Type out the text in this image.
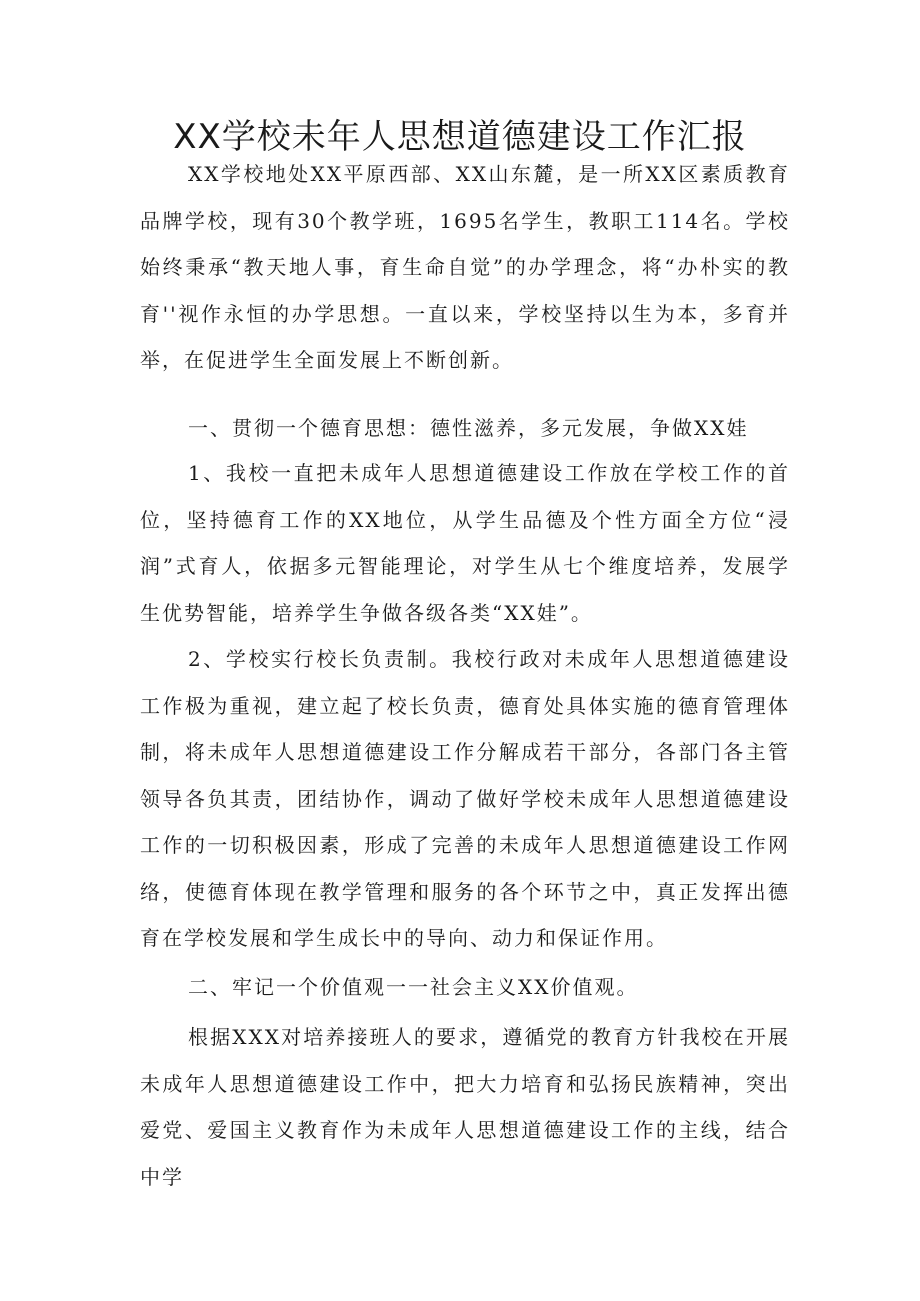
XX学校未年人思想道德建设工作汇报

XX学校地处XX平原西部、XX山东麓，是一所XX区素质教育品牌学校，现有30个教学班，1695名学生，教职工114名。学校始终秉承“教天地人事，育生命自觉”的办学理念，将“办朴实的教育''视作永恒的办学思想。一直以来，学校坚持以生为本，多育并举，在促进学生全面发展上不断创新。

一、贯彻一个德育思想：德性滋养，多元发展，争做XX娃

1、我校一直把未成年人思想道德建设工作放在学校工作的首位，坚持德育工作的XX地位，从学生品德及个性方面全方位“浸润”式育人，依据多元智能理论，对学生从七个维度培养，发展学生优势智能，培养学生争做各级各类“XX娃”。

2、学校实行校长负责制。我校行政对未成年人思想道德建设工作极为重视，建立起了校长负责，德育处具体实施的德育管理体制，将未成年人思想道德建设工作分解成若干部分，各部门各主管领导各负其责，团结协作，调动了做好学校未成年人思想道德建设工作的一切积极因素，形成了完善的未成年人思想道德建设工作网络，使德育体现在教学管理和服务的各个环节之中，真正发挥出德育在学校发展和学生成长中的导向、动力和保证作用。

二、牢记一个价值观一一社会主义XX价值观。

根据XXX对培养接班人的要求，遵循党的教育方针我校在开展未成年人思想道德建设工作中，把大力培育和弘扬民族精神，突出爱党、爱国主义教育作为未成年人思想道德建设工作的主线，结合中学
